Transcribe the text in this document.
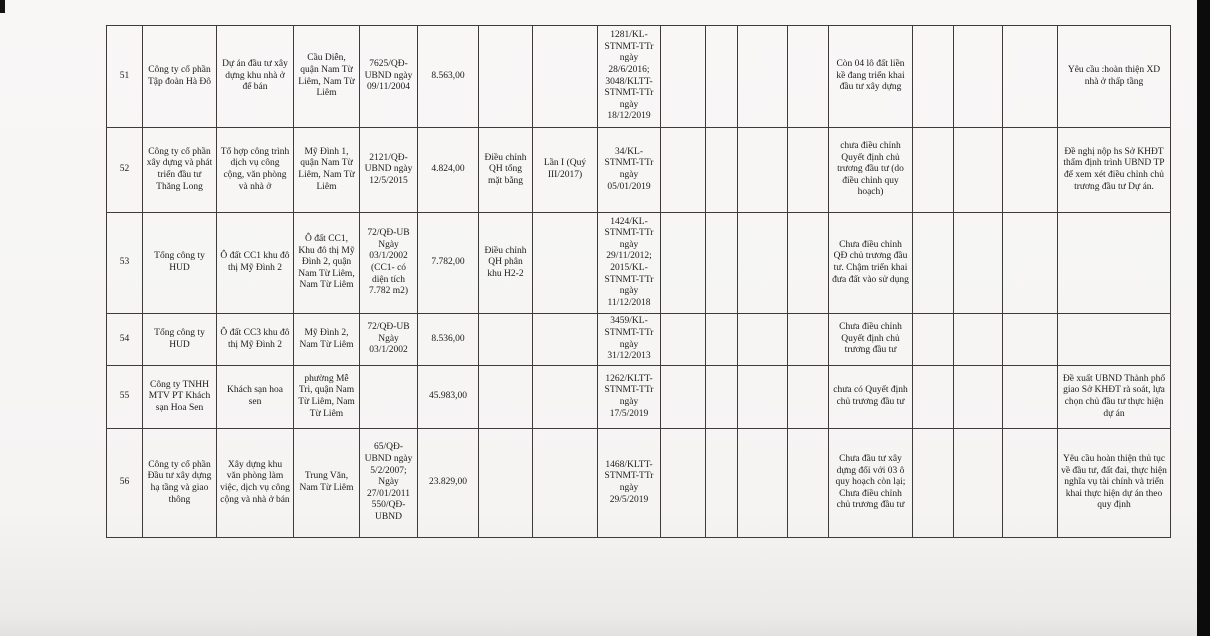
51	Công ty cổ phần Tập đoàn Hà Đô	Dự án đầu tư xây dựng khu nhà ở để bán	Cầu Diễn, quận Nam Từ Liêm, Nam Từ Liêm	7625/QĐ-UBND ngày 09/11/2004	8.563,00			1281/KL-STNMT-TTr ngày 28/6/2016; 3048/KLTT-STNMT-TTr ngày 18/12/2019					Còn 04 lô đất liền kề đang triển khai đầu tư xây dựng				Yêu cầu :hoàn thiện XD nhà ở thấp tầng
52	Công ty cổ phần xây dựng và phát triển đầu tư Thăng Long	Tổ hợp công trình dịch vụ công cộng, văn phòng và nhà ở	Mỹ Đình 1, quận Nam Từ Liêm, Nam Từ Liêm	2121/QĐ-UBND ngày 12/5/2015	4.824,00	Điều chỉnh QH tổng mặt bằng	Lần I (Quý III/2017)	34/KL-STNMT-TTr ngày 05/01/2019					chưa điều chỉnh Quyết định chủ trương đầu tư (do điều chỉnh quy hoạch)				Đề nghị nộp hs Sở KHĐT thẩm định trình UBND TP để xem xét điều chỉnh chủ trương đầu tư Dự án.
53	Tổng công ty HUD	Ô đất CC1 khu đô thị Mỹ Đình 2	Ô đất CC1, Khu đô thị Mỹ Đình 2, quận Nam Từ Liêm, Nam Từ Liêm	72/QĐ-UB Ngày 03/1/2002 (CC1- có diện tích 7.782 m2)	7.782,00	Điều chỉnh QH phân khu H2-2		1424/KL-STNMT-TTr ngày 29/11/2012; 2015/KL-STNMT-TTr ngày 11/12/2018					Chưa điều chỉnh QĐ chủ trương đầu tư. Chậm triển khai đưa đất vào sử dụng				
54	Tổng công ty HUD	Ô đất CC3 khu đô thị Mỹ Đình 2	Mỹ Đình 2, Nam Từ Liêm	72/QĐ-UB Ngày 03/1/2002	8.536,00			3459/KL-STNMT-TTr ngày 31/12/2013					Chưa điều chỉnh Quyết định chủ trương đầu tư				
55	Công ty TNHH MTV PT Khách sạn Hoa Sen	Khách sạn hoa sen	phường Mễ Trì, quận Nam Từ Liêm, Nam Từ Liêm		45.983,00			1262/KLTT-STNMT-TTr ngày 17/5/2019					chưa có Quyết định chủ trương đầu tư				Đề xuất UBND Thành phố giao Sở KHĐT rà soát, lựa chọn chủ đầu tư thực hiện dự án
56	Công ty cổ phần Đầu tư xây dựng hạ tầng và giao thông	Xây dựng khu văn phòng làm việc, dịch vụ công cộng và nhà ở bán	Trung Văn, Nam Từ Liêm	65/QĐ-UBND ngày 5/2/2007; Ngày 27/01/2011 550/QĐ-UBND	23.829,00			1468/KLTT-STNMT-TTr ngày 29/5/2019					Chưa đầu tư xây dựng đối với 03 ô quy hoạch còn lại; Chưa điều chỉnh chủ trương đầu tư				Yêu cầu hoàn thiện thủ tục về đầu tư, đất đai, thực hiện nghĩa vụ tài chính và triển khai thực hiện dự án theo quy định
